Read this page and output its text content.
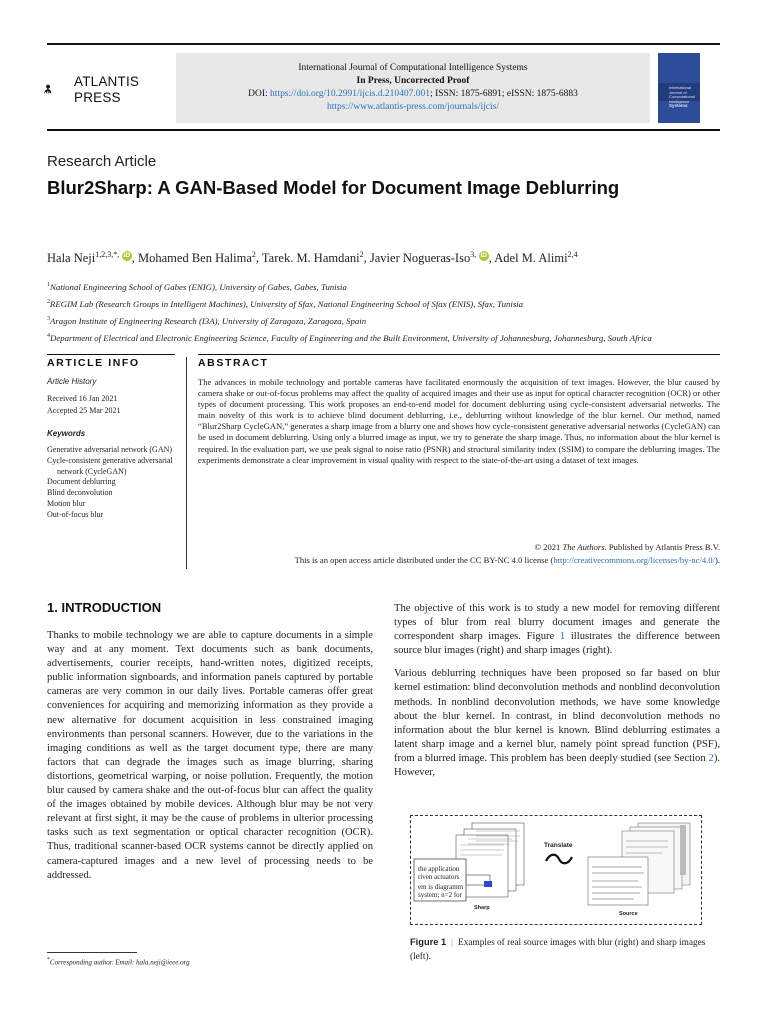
ATLANTIS
PRESS
International Journal of Computational Intelligence Systems
In Press, Uncorrected Proof
DOI: https://doi.org/10.2991/ijcis.d.210407.001; ISSN: 1875-6891; eISSN: 1875-6883
https://www.atlantis-press.com/journals/ijcis/
International
Journal of
Computational
Intelligence
Systems
Research Article
Blur2Sharp: A GAN-Based Model for Document Image Deblurring
Hala Neji$^{1,2,3,*,}$  iD , Mohamed Ben Halima$^2$, Tarek. M. Hamdani$^2$, Javier Nogueras-Iso$^{3,}$  iD , Adel M. Alimi$^{2,4}$
$^1$National Engineering School of Gabes (ENIG), University of Gabes, Gabes, Tunisia
$^2$REGIM Lab (Research Groups in Intelligent Machines), University of Sfax, National Engineering School of Sfax (ENIS), Sfax, Tunisia
$^3$Aragon Institute of Engineering Research (I3A), University of Zaragoza, Zaragoza, Spain
$^4$Department of Electrical and Electronic Engineering Science, Faculty of Engineering and the Built Environment, University of Johannesburg, Johannesburg, South Africa
ARTICLE INFO
Article History
Received 16 Jan 2021
Accepted 25 Mar 2021
Keywords
Generative adversarial network (GAN)
Cycle-consistent generative adversarial network (CycleGAN)
Document deblurring
Blind deconvolution
Motion blur
Out-of-focus blur
ABSTRACT
The advances in mobile technology and portable cameras have facilitated enormously the acquisition of text images. However, the blur caused by camera shake or out-of-focus problems may affect the quality of acquired images and their use as input for optical character recognition (OCR) or other types of document processing. This work proposes an end-to-end model for document deblurring using cycle-consistent adversarial networks. The main novelty of this work is to achieve blind document deblurring, i.e., deblurring without knowledge of the blur kernel. Our method, named “Blur2Sharp CycleGAN,” generates a sharp image from a blurry one and shows how cycle-consistent generative adversarial networks (CycleGAN) can be used in document deblurring. Using only a blurred image as input, we try to generate the sharp image. Thus, no information about the blur kernel is required. In the evaluation part, we use peak signal to noise ratio (PSNR) and structural similarity index (SSIM) to compare the deblurring images. The experiments demonstrate a clear improvement in visual quality with respect to the state-of-the-art using a dataset of text images.
© 2021 The Authors. Published by Atlantis Press B.V.
This is an open access article distributed under the CC BY-NC 4.0 license (http://creativecommons.org/licenses/by-nc/4.0/).
1. INTRODUCTION
Thanks to mobile technology we are able to capture documents in a simple way and at any moment. Text documents such as bank documents, advertisements, courier receipts, hand-written notes, digitized receipts, public information signboards, and information panels captured by portable cameras are very common in our daily lives. Portable cameras offer great conveniences for acquiring and memorizing information as they provide a new alternative for document acquisition in less constrained imaging environments than personal scanners. However, due to the variations in the imaging conditions as well as the target document type, there are many factors that can degrade the images such as image blurring, sharing distortions, geometrical warping, or noise pollution. Frequently, the motion blur caused by camera shake and the out-of-focus blur can affect the quality of the images obtained by mobile devices. Although blur may be not very relevant at first sight, it may be the cause of problems in ulterior processing tasks such as text segmentation or optical character recognition (OCR). Thus, traditional scanner-based OCR systems cannot be directly applied on camera-captured images and a new level of processing needs to be addressed.

The objective of this work is to study a new model for removing different types of blur from real blurry document images and generate the correspondent sharp images. Figure 1 illustrates the difference between source blur images (right) and sharp images (right).

Various deblurring techniques have been proposed so far based on blur kernel estimation: blind deconvolution methods and nonblind deconvolution methods. In nonblind deconvolution methods, we have some knowledge about the blur kernel. In contrast, in blind deconvolution methods no information about the blur kernel is known. Blind deblurring estimates a latent sharp image and a kernel blur, namely point spread function (PSF), from a blurred image. This problem has been deeply studied (see Section 2). However,

the application
riven actuators
em is diagramm
system; n=2 for
Sharp
Translate
Source
Figure 1 | Examples of real source images with blur (right) and sharp images (left).
*Corresponding author. Email: hala.neji@ieee.org
